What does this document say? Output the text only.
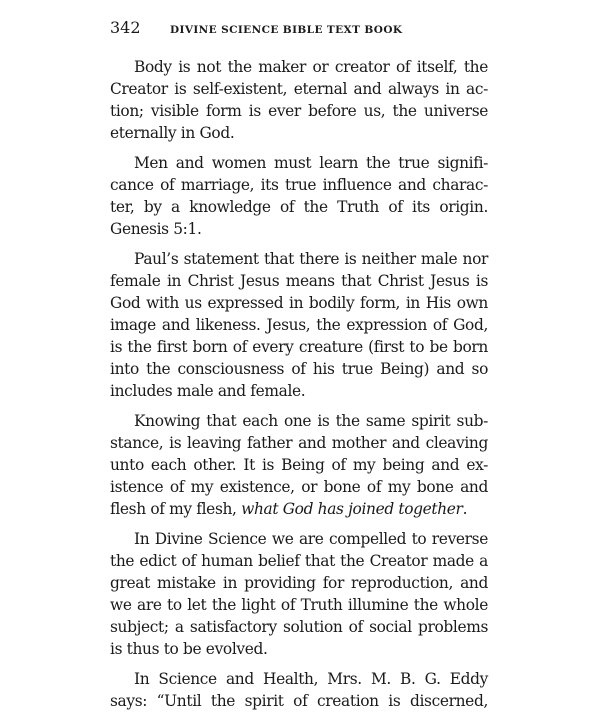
342	DIVINE SCIENCE BIBLE TEXT BOOK
Body is not the maker or creator of itself, the
Creator is self-existent, eternal and always in ac-
tion; visible form is ever before us, the universe
eternally in God.
Men and women must learn the true signifi-
cance of marriage, its true influence and charac-
ter, by a knowledge of the Truth of its origin.
Genesis 5:1.
Paul’s statement that there is neither male nor
female in Christ Jesus means that Christ Jesus is
God with us expressed in bodily form, in His own
image and likeness. Jesus, the expression of God,
is the first born of every creature (first to be born
into the consciousness of his true Being) and so
includes male and female.
Knowing that each one is the same spirit sub-
stance, is leaving father and mother and cleaving
unto each other. It is Being of my being and ex-
istence of my existence, or bone of my bone and
flesh of my flesh, what God has joined together.
In Divine Science we are compelled to reverse
the edict of human belief that the Creator made a
great mistake in providing for reproduction, and
we are to let the light of Truth illumine the whole
subject; a satisfactory solution of social problems
is thus to be evolved.
In Science and Health, Mrs. M. B. G. Eddy
says: “Until the spirit of creation is discerned,
